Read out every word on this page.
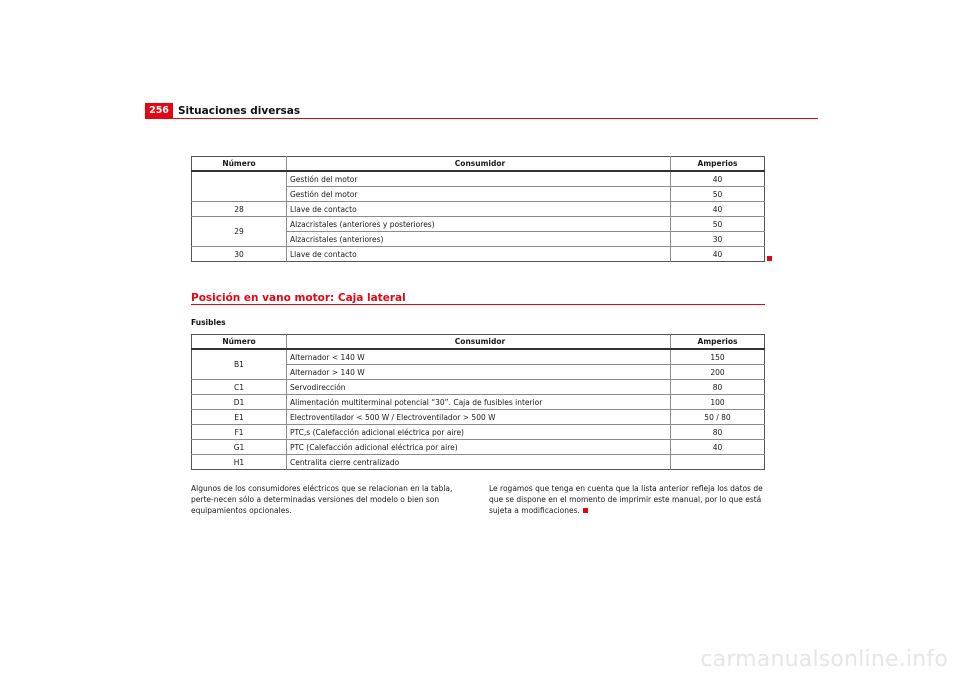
256 Situaciones diversas
Número	Consumidor	Amperios
	Gestión del motor	40
	Gestión del motor	50
28	Llave de contacto	40
29	Alzacristales (anteriores y posteriores)	50
	Alzacristales (anteriores)	30
30	Llave de contacto	40
Posición en vano motor: Caja lateral
Fusibles
Número	Consumidor	Amperios
B1	Alternador < 140 W	150
	Alternador > 140 W	200
C1	Servodirección	80
D1	Alimentación multiterminal potencial “30”. Caja de fusibles interior	100
E1	Electroventilador < 500 W / Electroventilador > 500 W	50 / 80
F1	PTC,s (Calefacción adicional eléctrica por aire)	80
G1	PTC (Calefacción adicional eléctrica por aire)	40
H1	Centralita cierre centralizado	
Algunos de los consumidores eléctricos que se relacionan en la tabla, perte-necen sólo a determinadas versiones del modelo o bien son equipamientos opcionales.
Le rogamos que tenga en cuenta que la lista anterior refleja los datos de que se dispone en el momento de imprimir este manual, por lo que está sujeta a modificaciones.
carmanualsonline.info
